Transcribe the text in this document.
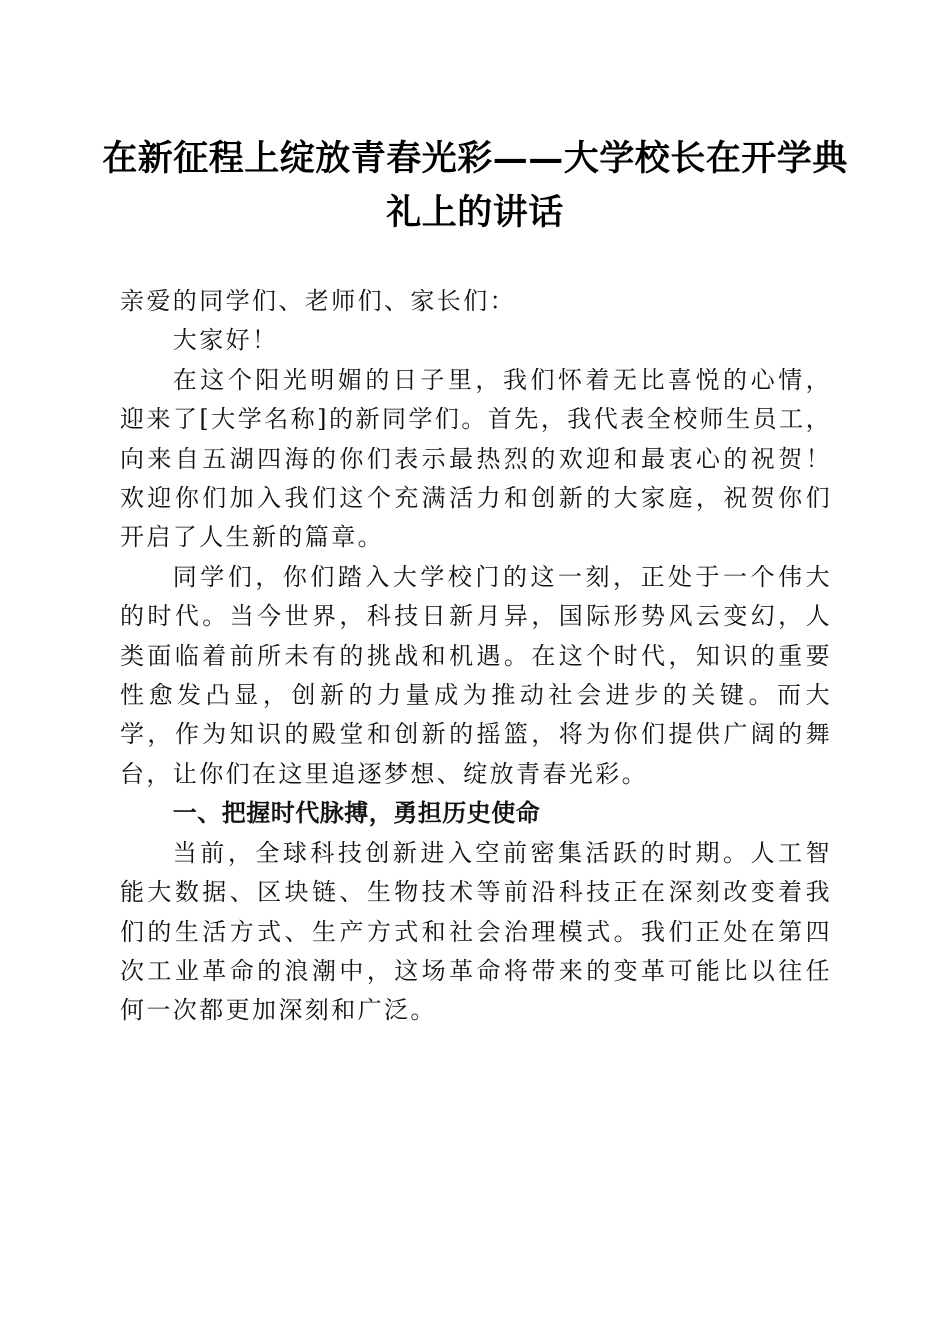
在新征程上绽放青春光彩——大学校长在开学典礼上的讲话

亲爱的同学们、老师们、家长们：

大家好！

在这个阳光明媚的日子里，我们怀着无比喜悦的心情，迎来了[大学名称]的新同学们。首先，我代表全校师生员工，向来自五湖四海的你们表示最热烈的欢迎和最衷心的祝贺！欢迎你们加入我们这个充满活力和创新的大家庭，祝贺你们开启了人生新的篇章。

同学们，你们踏入大学校门的这一刻，正处于一个伟大的时代。当今世界，科技日新月异，国际形势风云变幻，人类面临着前所未有的挑战和机遇。在这个时代，知识的重要性愈发凸显，创新的力量成为推动社会进步的关键。而大学，作为知识的殿堂和创新的摇篮，将为你们提供广阔的舞台，让你们在这里追逐梦想、绽放青春光彩。

一、把握时代脉搏，勇担历史使命

当前，全球科技创新进入空前密集活跃的时期。人工智能大数据、区块链、生物技术等前沿科技正在深刻改变着我们的生活方式、生产方式和社会治理模式。我们正处在第四次工业革命的浪潮中，这场革命将带来的变革可能比以往任何一次都更加深刻和广泛。
